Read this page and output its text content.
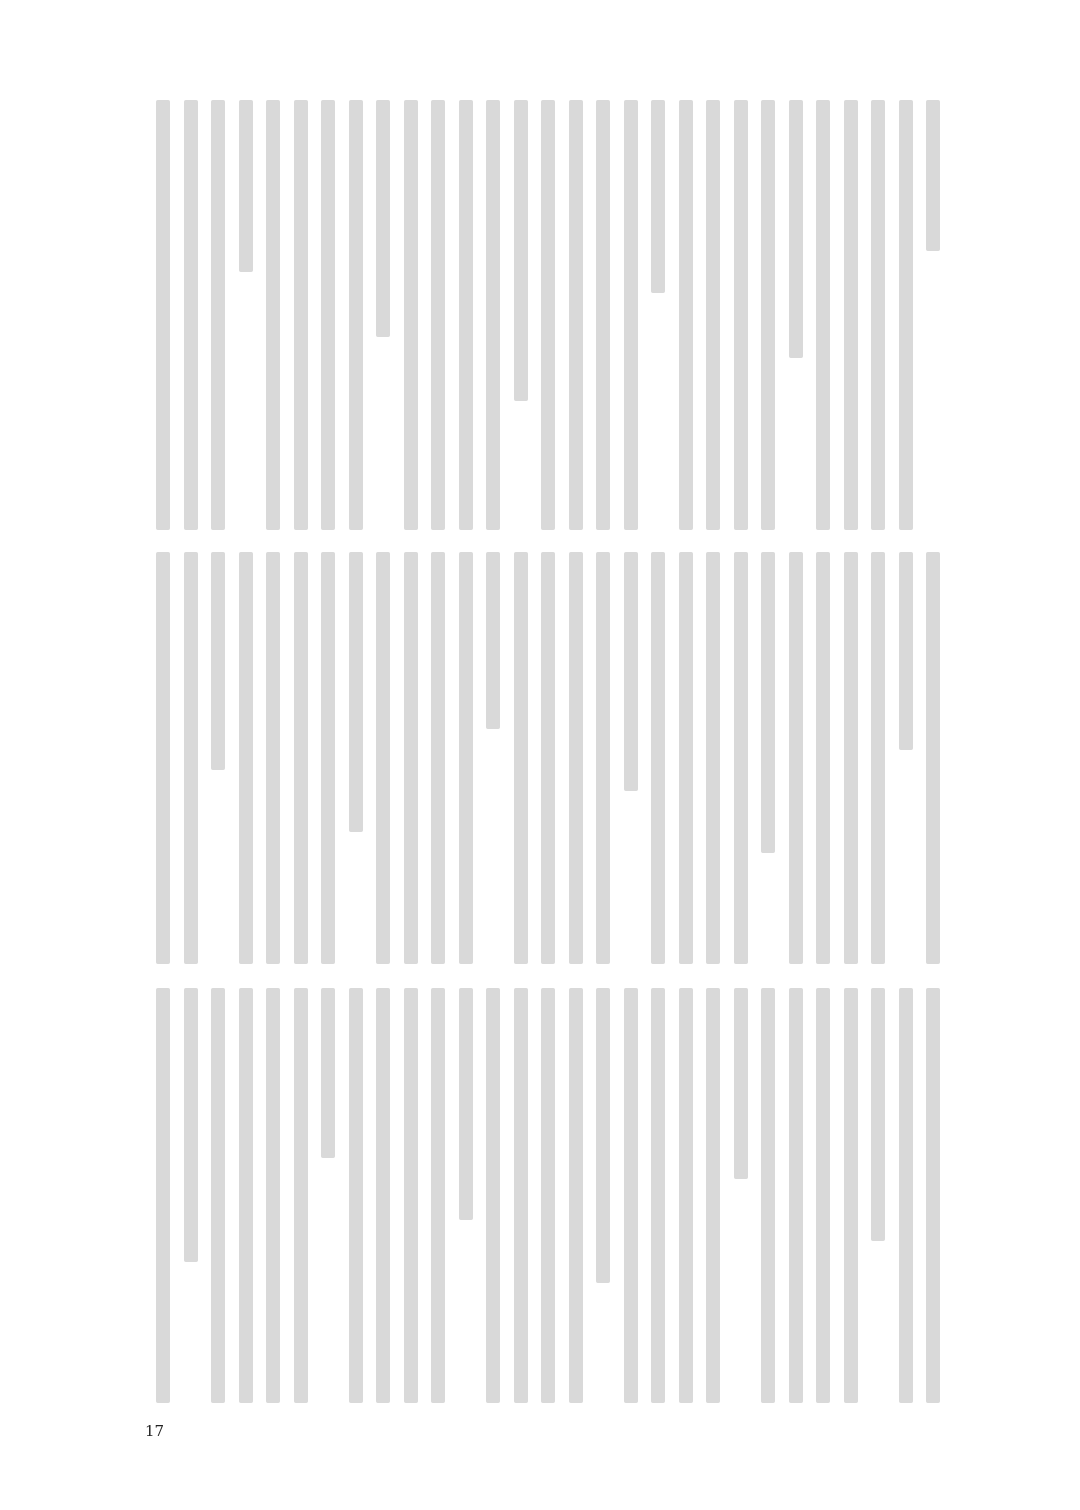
17
